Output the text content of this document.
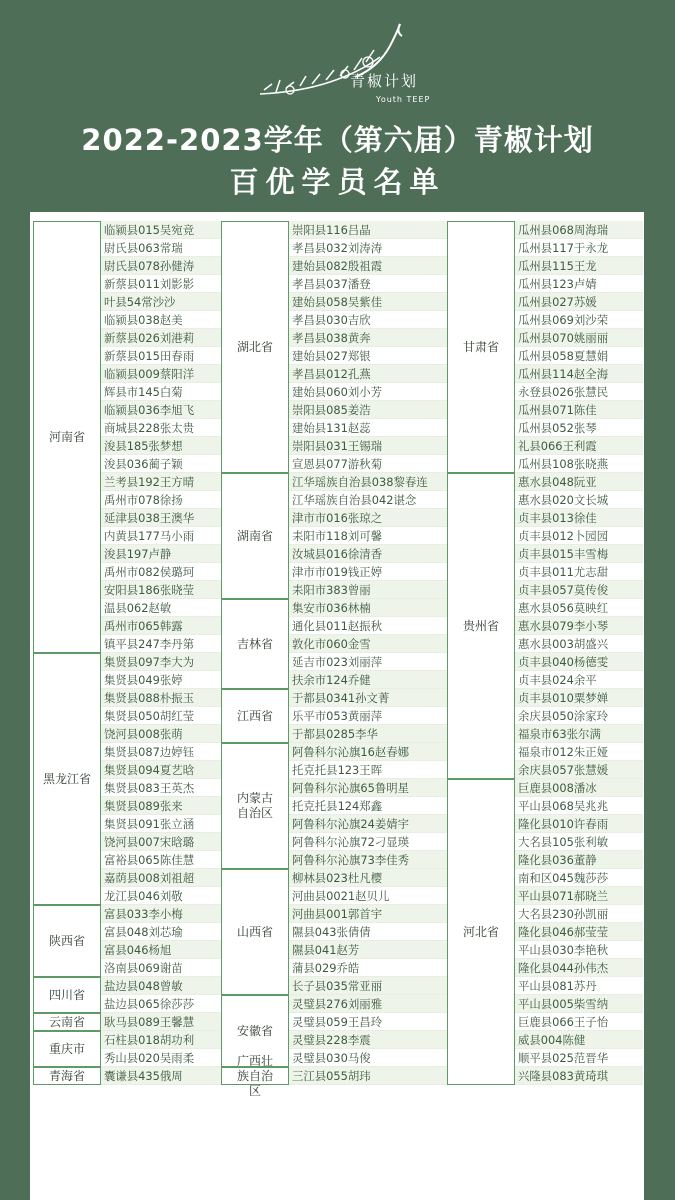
青椒计划
Youth TEEP
2022-2023学年（第六届）青椒计划
百优学员名单
河南省
临颍县015吴宛竞
尉氏县063常瑞
尉氏县078孙健涛
新蔡县011刘影影
叶县54常沙沙
临颍县038赵美
新蔡县026刘港莉
新蔡县015田春雨
临颍县009蔡阳洋
辉县市145白菊
临颍县036李旭飞
商城县228张太贵
浚县185张梦想
浚县036蔺子颖
兰考县192王方晴
禹州市078徐扬
延津县038王澳华
内黄县177马小雨
浚县197卢静
禹州市082侯璐珂
安阳县186张晓莹
温县062赵敏
禹州市065韩露
镇平县247李丹第
黑龙江省
集贤县097李大为
集贤县049张婷
集贤县088朴振玉
集贤县050胡红莹
饶河县008张萌
集贤县087边婷钰
集贤县094夏艺晗
集贤县083王英杰
集贤县089张来
集贤县091张立涵
饶河县007宋晗璐
富裕县065陈佳慧
嘉荫县008刘祖超
龙江县046刘敬
陕西省
富县033李小梅
富县048刘芯瑜
富县046杨旭
洛南县069谢苗
四川省
盐边县048曾敏
盐边县065徐莎莎
云南省	耿马县089王馨慧
重庆市
石柱县018胡功利
秀山县020吴雨柔
青海省	囊谦县435俄周
湖北省
崇阳县116吕晶
孝昌县032刘涛涛
建始县082殷祖霞
孝昌县037潘登
建始县058吴紫佳
孝昌县030吉欣
孝昌县038黄奔
建始县027郑银
孝昌县012孔燕
建始县060刘小芳
崇阳县085姜浩
建始县131赵蕊
崇阳县031王锡瑞
宣恩县077游秋菊
湖南省
江华瑶族自治县038黎春连
江华瑶族自治县042谌念
津市市016张琼之
耒阳市118刘可馨
汝城县016徐清香
津市市019钱正婷
耒阳市383曾丽
吉林省
集安市036林楠
通化县011赵振秋
敦化市060金雪
延吉市023刘丽萍
扶余市124乔健
江西省
于都县0341孙文菁
乐平市053黄丽萍
于都县0285李华
内蒙古自治区
阿鲁科尔沁旗16赵春娜
托克托县123王晖
阿鲁科尔沁旗65鲁明星
托克托县124郑鑫
阿鲁科尔沁旗24姜婧宇
阿鲁科尔沁旗72刁显瑛
阿鲁科尔沁旗73李佳秀
山西省
柳林县023杜凡樱
河曲县0021赵贝儿
河曲县001郭首宇
隰县043张倩倩
隰县041赵芳
蒲县029乔皓
长子县035常亚丽
安徽省
灵璧县276刘丽雅
灵璧县059王昌玲
灵璧县228李震
灵璧县030马俊
族自治区
三江县055胡玮
甘肃省
瓜州县068周海瑞
瓜州县117于永龙
瓜州县115王龙
瓜州县123卢婧
瓜州县027苏媛
瓜州县069刘沙荣
瓜州县070姚丽丽
瓜州县058夏慧娟
瓜州县114赵全海
永登县026张慧民
瓜州县071陈佳
瓜州县052张琴
礼县066王利霞
瓜州县108张晓燕
贵州省
惠水县048阮亚
惠水县020文长城
贞丰县013徐佳
贞丰县012卜园园
贞丰县015丰雪梅
贞丰县011尤志甜
贞丰县057莫传俊
惠水县056莫映红
惠水县079李小琴
惠水县003胡盛兴
贞丰县040杨德雯
贞丰县024余平
贞丰县010粟梦婵
余庆县050涂家玲
福泉市63张尔满
福泉市012朱正娅
余庆县057张慧媛
河北省
巨鹿县008潘冰
平山县068吴兆兆
隆化县010许春雨
大名县105张利敏
隆化县036董静
南和区045魏莎莎
平山县071郝晓兰
大名县230孙凯丽
隆化县046郝莹莹
平山县030李艳秋
隆化县044孙伟杰
平山县081苏丹
平山县005柴雪纳
巨鹿县066王子怡
威县004陈健
顺平县025范晋华
兴隆县083黄琦琪
